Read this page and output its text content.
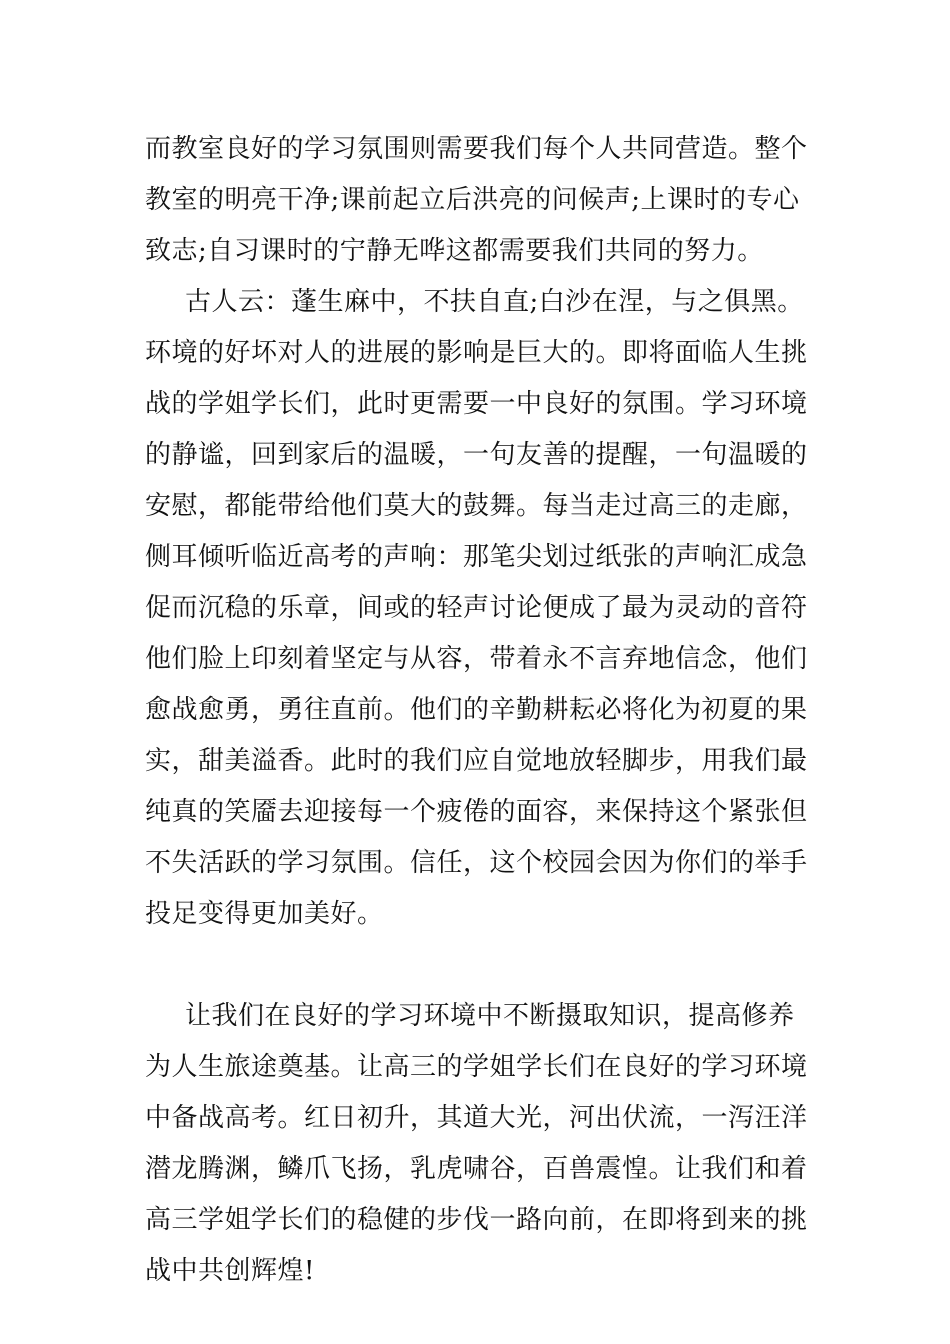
而教室良好的学习氛围则需要我们每个人共同营造。整个
教室的明亮干净;课前起立后洪亮的问候声;上课时的专心
致志;自习课时的宁静无哗这都需要我们共同的努力。
古人云：蓬生麻中，不扶自直;白沙在涅，与之俱黑。
环境的好坏对人的进展的影响是巨大的。即将面临人生挑
战的学姐学长们，此时更需要一中良好的氛围。学习环境
的静谧，回到家后的温暖，一句友善的提醒，一句温暖的
安慰，都能带给他们莫大的鼓舞。每当走过高三的走廊，
侧耳倾听临近高考的声响：那笔尖划过纸张的声响汇成急
促而沉稳的乐章，间或的轻声讨论便成了最为灵动的音符
他们脸上印刻着坚定与从容，带着永不言弃地信念，他们
愈战愈勇，勇往直前。他们的辛勤耕耘必将化为初夏的果
实，甜美溢香。此时的我们应自觉地放轻脚步，用我们最
纯真的笑靥去迎接每一个疲倦的面容，来保持这个紧张但
不失活跃的学习氛围。信任，这个校园会因为你们的举手
投足变得更加美好。
让我们在良好的学习环境中不断摄取知识，提高修养
为人生旅途奠基。让高三的学姐学长们在良好的学习环境
中备战高考。红日初升，其道大光，河出伏流，一泻汪洋
潜龙腾渊，鳞爪飞扬，乳虎啸谷，百兽震惶。让我们和着
高三学姐学长们的稳健的步伐一路向前，在即将到来的挑
战中共创辉煌!
